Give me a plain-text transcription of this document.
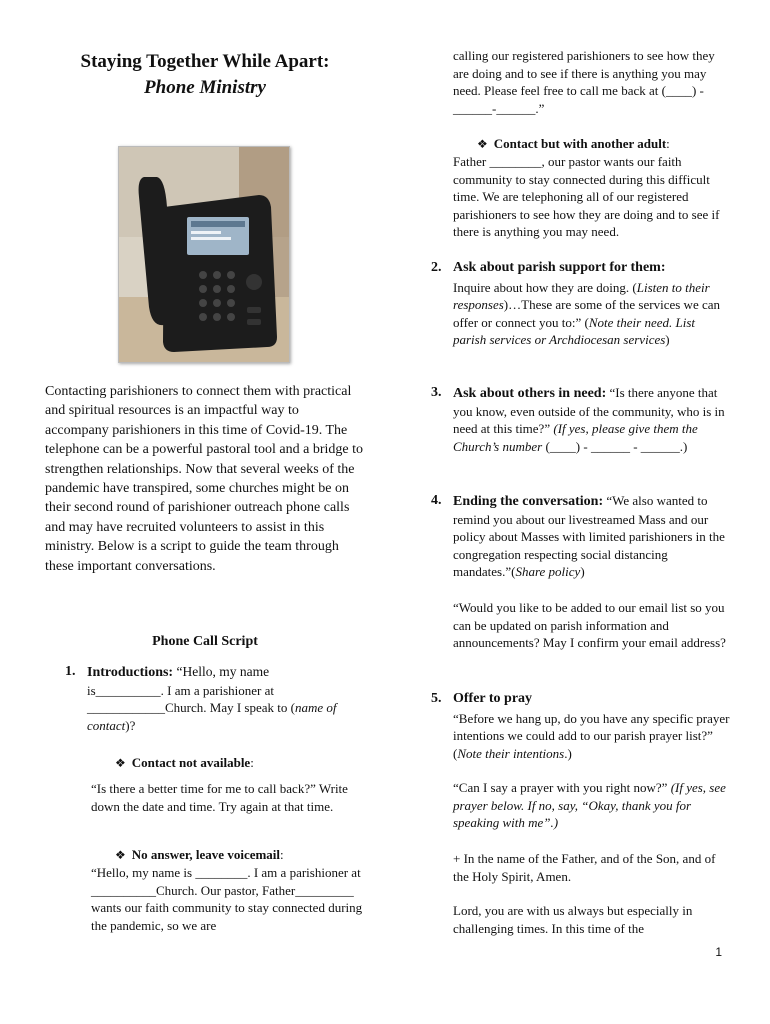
Staying Together While Apart:
Phone Ministry
Contacting parishioners to connect them with practical and spiritual resources is an impactful way to accompany parishioners in this time of Covid-19. The telephone can be a powerful pastoral tool and a bridge to strengthen relationships. Now that several weeks of the pandemic have transpired, some churches might be on their second round of parishioner outreach phone calls and may have recruited volunteers to assist in this ministry. Below is a script to guide the team through these important conversations.
Phone Call Script
1. Introductions: “Hello, my name
is__________. I am a parishioner at ____________Church. May I speak to (name of contact)?
❖ Contact not available:
“Is there a better time for me to call back?” Write down the date and time. Try again at that time.
❖ No answer, leave voicemail:
“Hello, my name is ________. I am a parishioner at __________Church. Our pastor, Father_________ wants our faith community to stay connected during the pandemic, so we are
calling our registered parishioners to see how they are doing and to see if there is anything you may need. Please feel free to call me back at (____) - ______-______.”
❖ Contact but with another adult:
Father ________, our pastor wants our faith community to stay connected during this difficult time. We are telephoning all of our registered parishioners to see how they are doing and to see if there is anything you may need.
2. Ask about parish support for them:
Inquire about how they are doing. (Listen to their responses)…These are some of the services we can offer or connect you to:” (Note their need. List parish services or Archdiocesan services)
3. Ask about others in need: “Is there anyone that you know, even outside of the community, who is in need at this time?” (If yes, please give them the Church’s number (____) - ______ - ______.)
4. Ending the conversation: “We also wanted to remind you about our livestreamed Mass and our policy about Masses with limited parishioners in the congregation respecting social distancing mandates.”(Share policy)
“Would you like to be added to our email list so you can be updated on parish information and announcements? May I confirm your email address?
5. Offer to pray
“Before we hang up, do you have any specific prayer intentions we could add to our parish prayer list?” (Note their intentions.)
“Can I say a prayer with you right now?” (If yes, see prayer below. If no, say, “Okay, thank you for speaking with me”.)
+ In the name of the Father, and of the Son, and of the Holy Spirit, Amen.
Lord, you are with us always but especially in challenging times. In this time of the
1
